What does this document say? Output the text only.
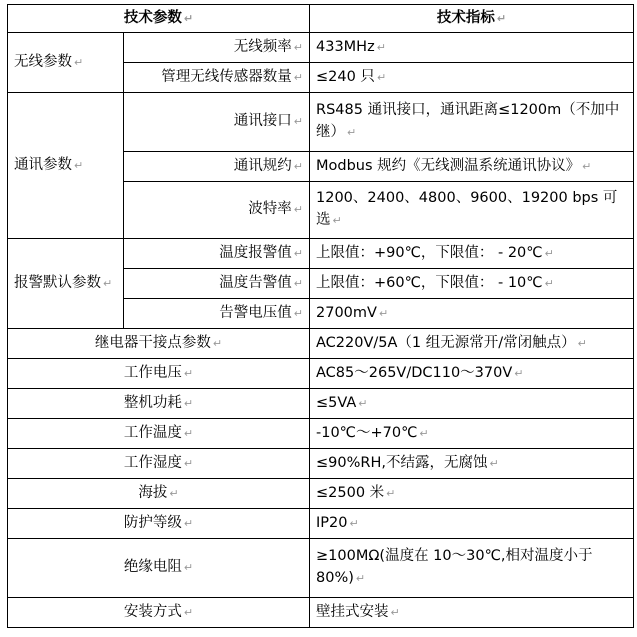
技术参数 ↵		技术指标 ↵
无线参数 ↵	无线频率 ↵	433MHz ↵
	管理无线传感器数量 ↵	≤240 只 ↵
通讯参数 ↵	通讯接口 ↵	RS485 通讯接口，通讯距离≤1200m（不加中继） ↵
	通讯规约 ↵	Modbus 规约《无线测温系统通讯协议》 ↵
	波特率 ↵	1200、2400、4800、9600、19200 bps 可选 ↵
报警默认参数 ↵	温度报警值 ↵	上限值：+90℃，下限值： - 20℃ ↵
	温度告警值 ↵	上限值：+60℃，下限值： - 10℃ ↵
	告警电压值 ↵	2700mV ↵
继电器干接点参数 ↵		AC220V/5A（1 组无源常开/常闭触点） ↵
工作电压 ↵		AC85～265V/DC110～370V ↵
整机功耗 ↵		≤5VA ↵
工作温度 ↵		-10℃～+70℃ ↵
工作湿度 ↵		≤90%RH,不结露，无腐蚀 ↵
海拔 ↵		≤2500 米 ↵
防护等级 ↵		IP20 ↵
绝缘电阻 ↵		≥100MΩ(温度在 10～30℃,相对温度小于 80%) ↵
安装方式 ↵		壁挂式安装 ↵
